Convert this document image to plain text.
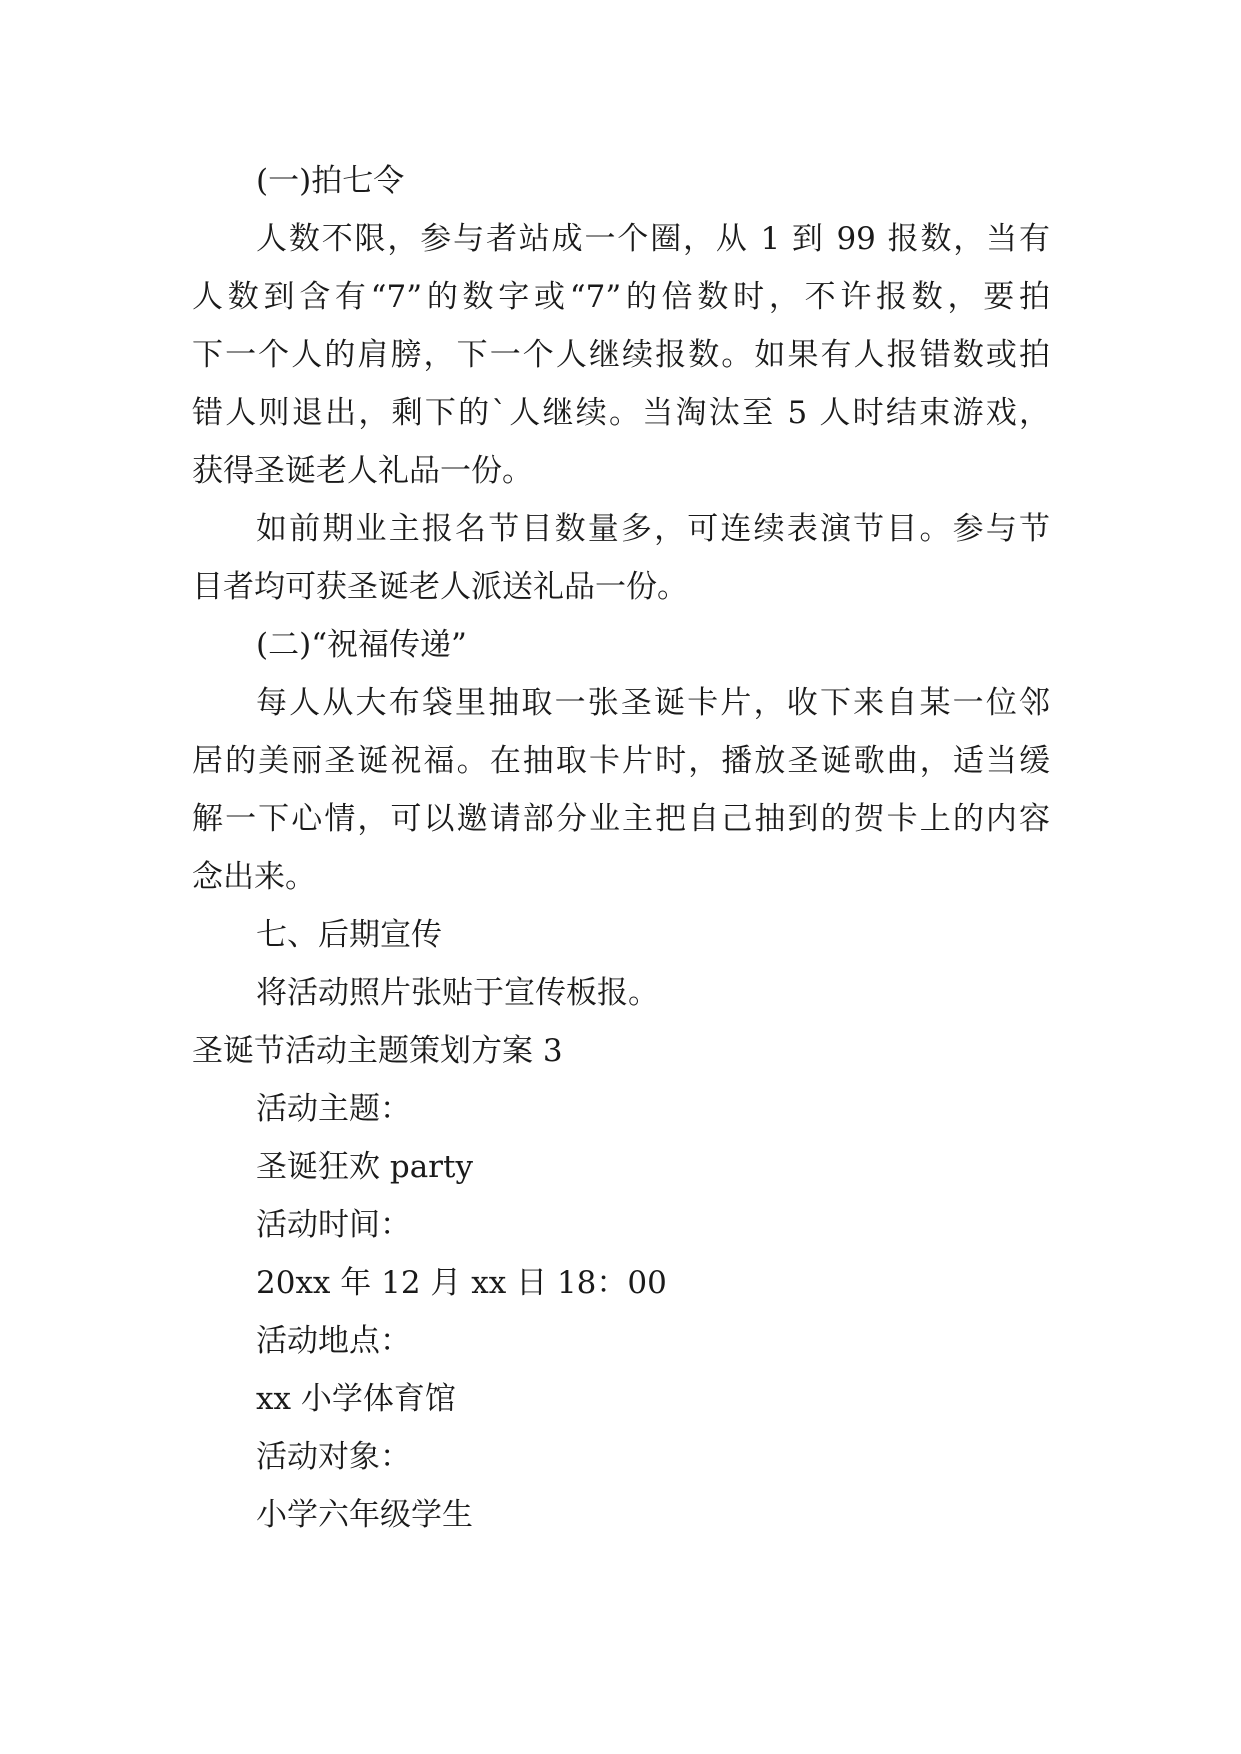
(一)拍七令
人数不限，参与者站成一个圈，从 1 到 99 报数，当有
人数到含有“7”的数字或“7”的倍数时，不许报数，要拍
下一个人的肩膀，下一个人继续报数。如果有人报错数或拍
错人则退出，剩下的`人继续。当淘汰至 5 人时结束游戏，
获得圣诞老人礼品一份。
如前期业主报名节目数量多，可连续表演节目。参与节
目者均可获圣诞老人派送礼品一份。
(二)“祝福传递”
每人从大布袋里抽取一张圣诞卡片，收下来自某一位邻
居的美丽圣诞祝福。在抽取卡片时，播放圣诞歌曲，适当缓
解一下心情，可以邀请部分业主把自己抽到的贺卡上的内容
念出来。
七、后期宣传
将活动照片张贴于宣传板报。
圣诞节活动主题策划方案 3
活动主题：
圣诞狂欢 party
活动时间：
20xx 年 12 月 xx 日 18：00
活动地点：
xx 小学体育馆
活动对象：
小学六年级学生
